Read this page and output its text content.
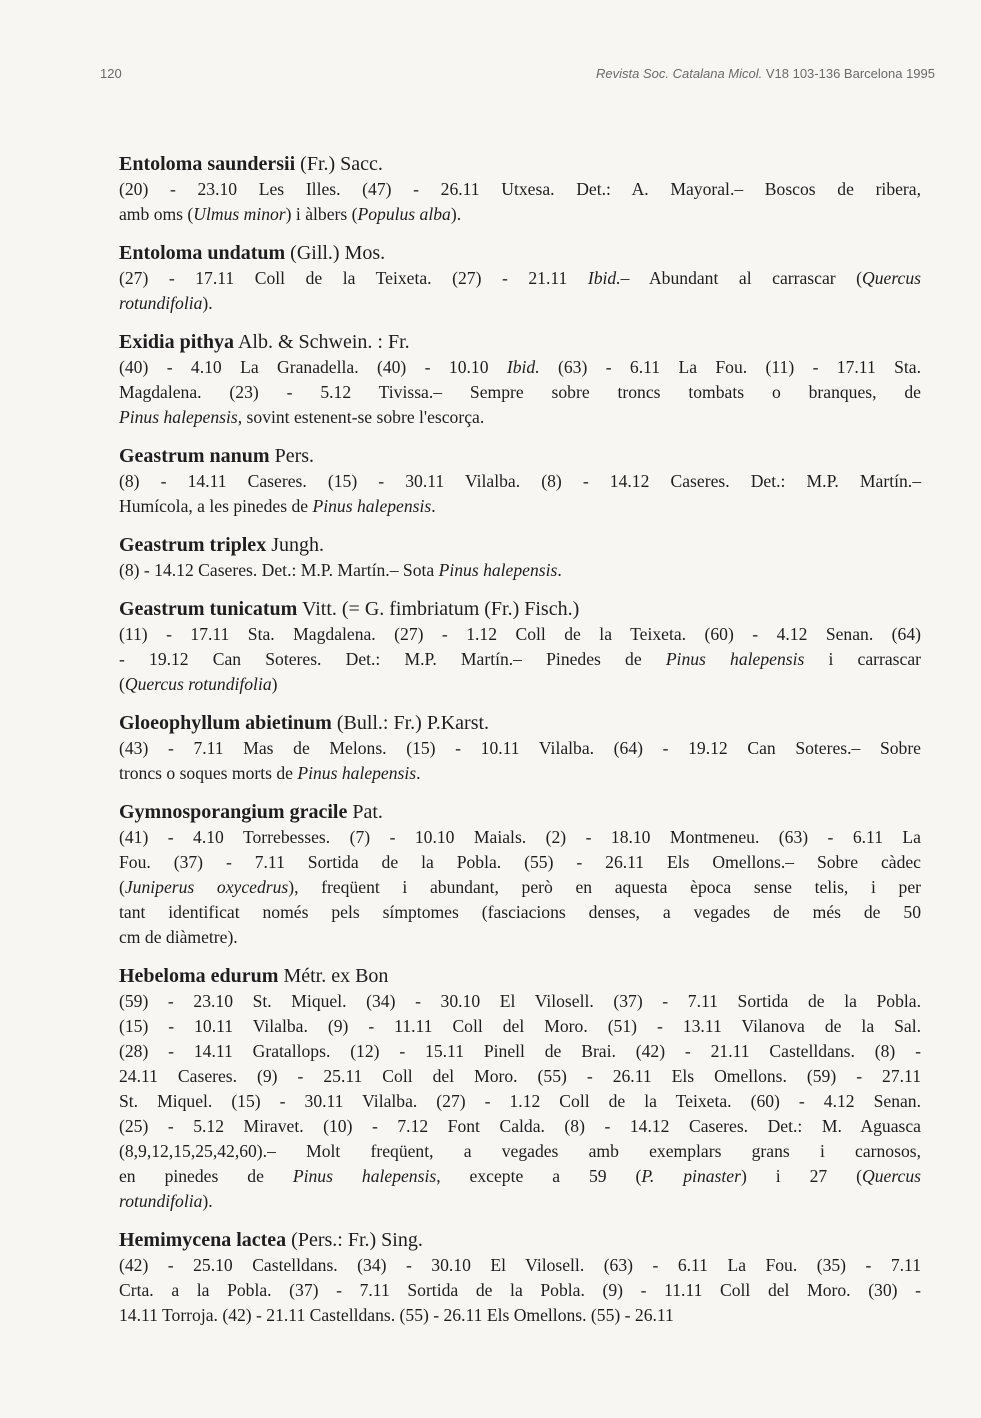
120	Revista Soc. Catalana Micol. V18 103-136 Barcelona 1995
Entoloma saundersii (Fr.) Sacc.
(20) - 23.10 Les Illes. (47) - 26.11 Utxesa. Det.: A. Mayoral.– Boscos de ribera,
amb oms (Ulmus minor) i àlbers (Populus alba).
Entoloma undatum (Gill.) Mos.
(27) - 17.11 Coll de la Teixeta. (27) - 21.11 Ibid.– Abundant al carrascar (Quercus
rotundifolia).
Exidia pithya Alb. & Schwein. : Fr.
(40) - 4.10 La Granadella. (40) - 10.10 Ibid. (63) - 6.11 La Fou. (11) - 17.11 Sta.
Magdalena. (23) - 5.12 Tivissa.– Sempre sobre troncs tombats o branques, de
Pinus halepensis, sovint estenent-se sobre l'escorça.
Geastrum nanum Pers.
(8) - 14.11 Caseres. (15) - 30.11 Vilalba. (8) - 14.12 Caseres. Det.: M.P. Martín.–
Humícola, a les pinedes de Pinus halepensis.
Geastrum triplex Jungh.
(8) - 14.12 Caseres. Det.: M.P. Martín.– Sota Pinus halepensis.
Geastrum tunicatum Vitt. (= G. fimbriatum (Fr.) Fisch.)
(11) - 17.11 Sta. Magdalena. (27) - 1.12 Coll de la Teixeta. (60) - 4.12 Senan. (64)
- 19.12 Can Soteres. Det.: M.P. Martín.– Pinedes de Pinus halepensis i carrascar
(Quercus rotundifolia)
Gloeophyllum abietinum (Bull.: Fr.) P.Karst.
(43) - 7.11 Mas de Melons. (15) - 10.11 Vilalba. (64) - 19.12 Can Soteres.– Sobre
troncs o soques morts de Pinus halepensis.
Gymnosporangium gracile Pat.
(41) - 4.10 Torrebesses. (7) - 10.10 Maials. (2) - 18.10 Montmeneu. (63) - 6.11 La
Fou. (37) - 7.11 Sortida de la Pobla. (55) - 26.11 Els Omellons.– Sobre càdec
(Juniperus oxycedrus), freqüent i abundant, però en aquesta època sense telis, i per
tant identificat només pels símptomes (fasciacions denses, a vegades de més de 50
cm de diàmetre).
Hebeloma edurum Métr. ex Bon
(59) - 23.10 St. Miquel. (34) - 30.10 El Vilosell. (37) - 7.11 Sortida de la Pobla.
(15) - 10.11 Vilalba. (9) - 11.11 Coll del Moro. (51) - 13.11 Vilanova de la Sal.
(28) - 14.11 Gratallops. (12) - 15.11 Pinell de Brai. (42) - 21.11 Castelldans. (8) -
24.11 Caseres. (9) - 25.11 Coll del Moro. (55) - 26.11 Els Omellons. (59) - 27.11
St. Miquel. (15) - 30.11 Vilalba. (27) - 1.12 Coll de la Teixeta. (60) - 4.12 Senan.
(25) - 5.12 Miravet. (10) - 7.12 Font Calda. (8) - 14.12 Caseres. Det.: M. Aguasca
(8,9,12,15,25,42,60).– Molt freqüent, a vegades amb exemplars grans i carnosos,
en pinedes de Pinus halepensis, excepte a 59 (P. pinaster) i 27 (Quercus
rotundifolia).
Hemimycena lactea (Pers.: Fr.) Sing.
(42) - 25.10 Castelldans. (34) - 30.10 El Vilosell. (63) - 6.11 La Fou. (35) - 7.11
Crta. a la Pobla. (37) - 7.11 Sortida de la Pobla. (9) - 11.11 Coll del Moro. (30) -
14.11 Torroja. (42) - 21.11 Castelldans. (55) - 26.11 Els Omellons. (55) - 26.11
